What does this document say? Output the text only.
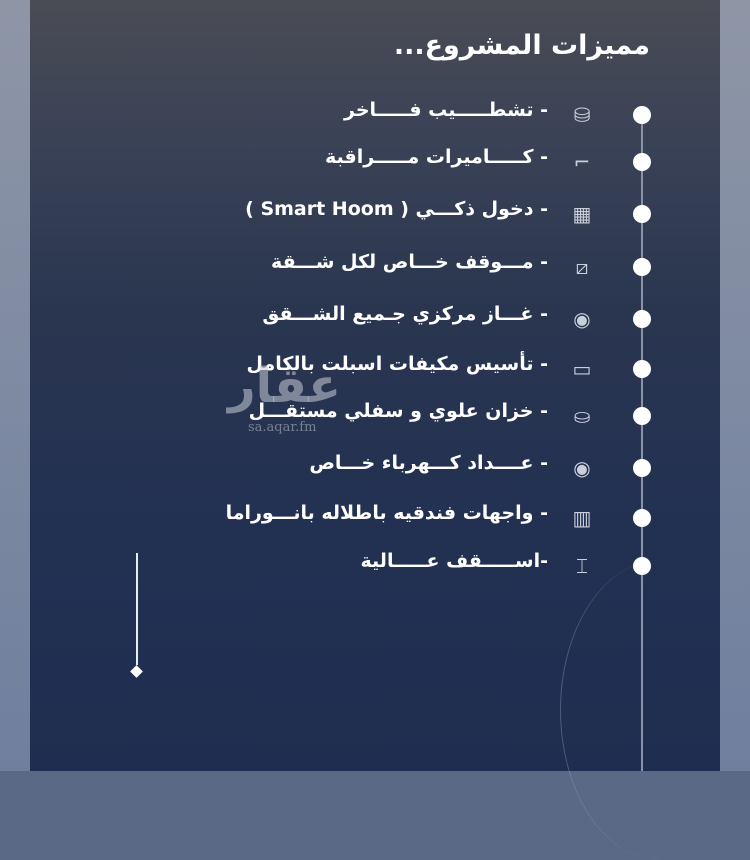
مميزات المشروع...
⛁
- تشطـــــيب فـــــاخر
⌐
- كـــــاميرات مـــــراقبة
▦
- دخول ذكـــي ( Smart Hoom )
⧄
- مـــوقف خـــاص لكل شـــقة
◉
- غـــاز مركزي جـميع الشـــقق
▭
- تأسيس مكيفات اسبلت بالكامل
⛀
- خزان علوي و سفلي مستقـــل
◉
- عــــداد كـــهرباء خـــاص
▥
- واجهات فندقيه باطلاله بانـــوراما
⌶
-اســـــقف عـــــالية
عقار
sa.aqar.fm
